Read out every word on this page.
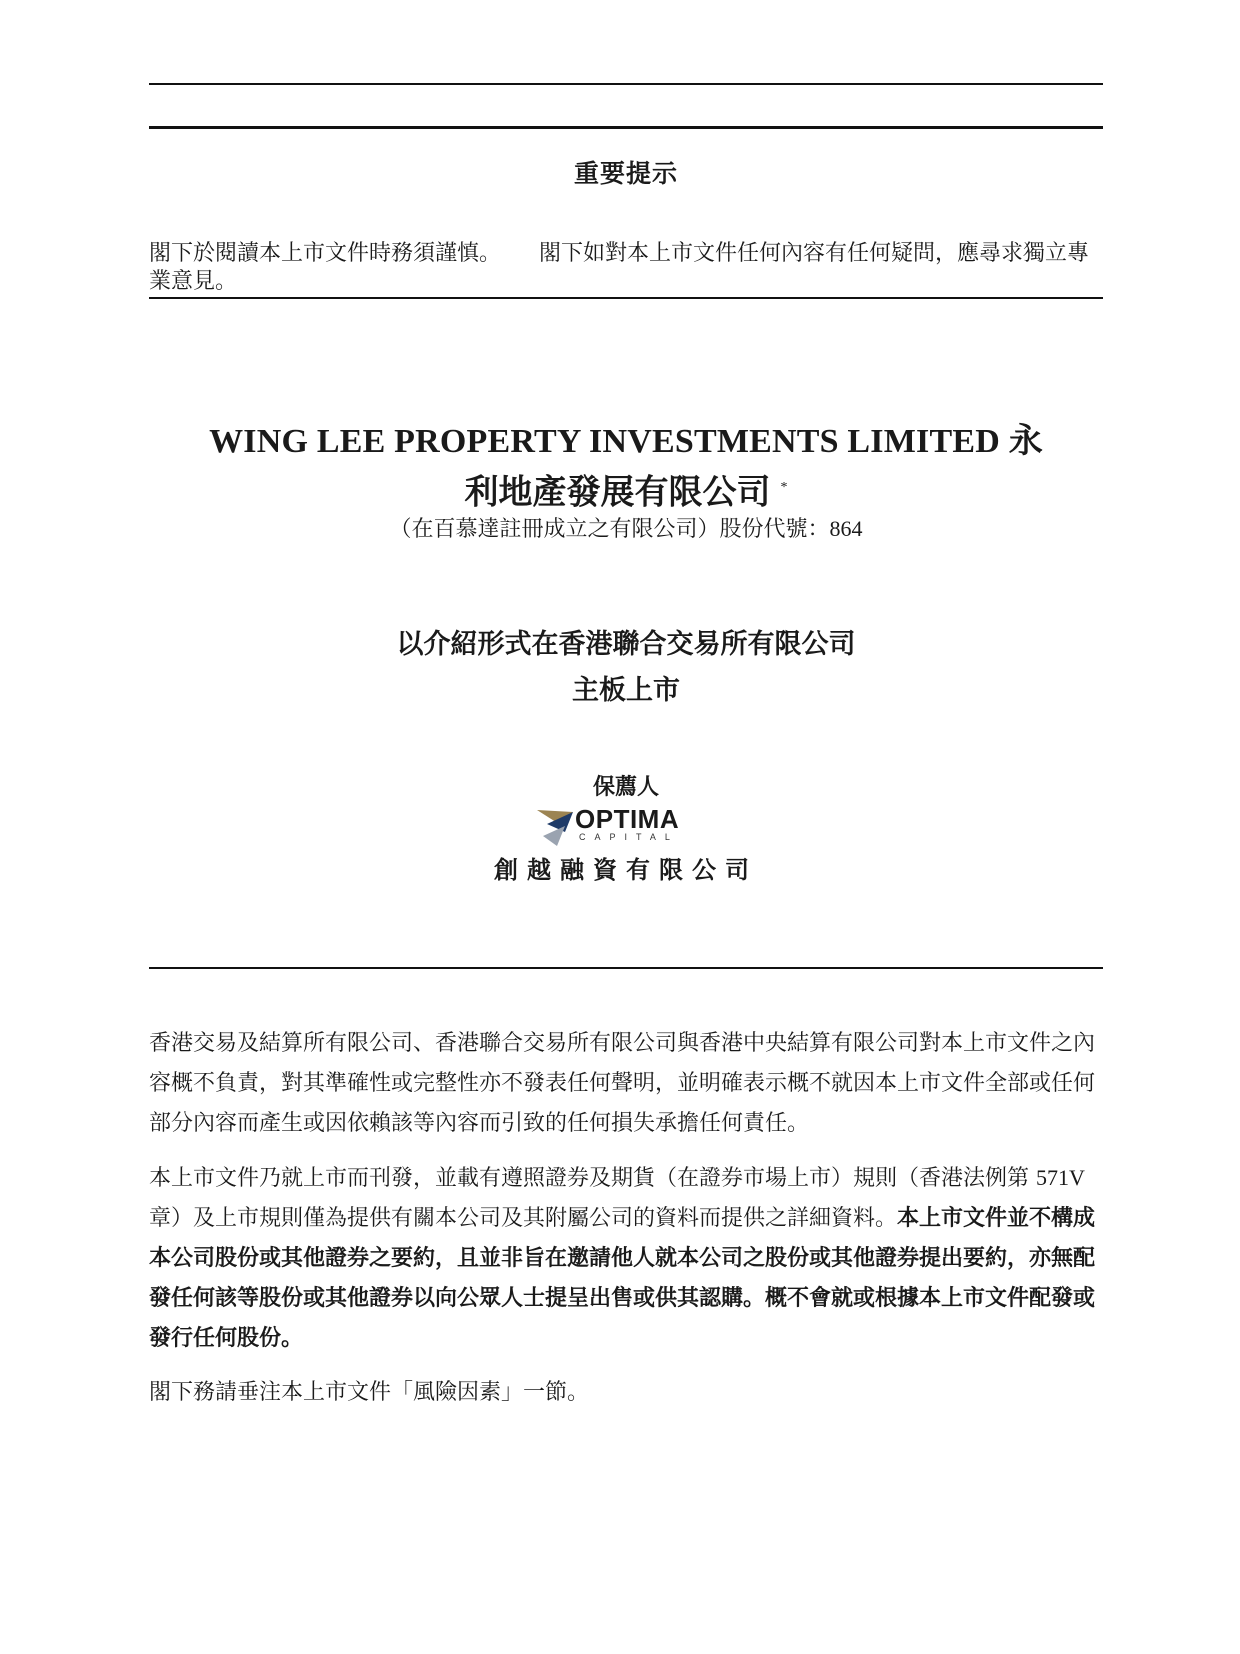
重要提示
閣下於閱讀本上市文件時務須謹慎。 閣下如對本上市文件任何內容有任何疑問，應尋求獨立專業意見。
WING LEE PROPERTY INVESTMENTS LIMITED 永
利地產發展有限公司 *
（在百慕達註冊成立之有限公司）股份代號：864
以介紹形式在香港聯合交易所有限公司
主板上市
保薦人
OPTIMA
CAPITAL
創越融資有限公司

香港交易及結算所有限公司、香港聯合交易所有限公司與香港中央結算有限公司對本上市文件之內容概不負責，對其準確性或完整性亦不發表任何聲明，並明確表示概不就因本上市文件全部或任何部分內容而產生或因依賴該等內容而引致的任何損失承擔任何責任。

本上市文件乃就上市而刊發，並載有遵照證券及期貨（在證券市場上市）規則（香港法例第 571V 章）及上市規則僅為提供有關本公司及其附屬公司的資料而提供之詳細資料。本上市文件並不構成本公司股份或其他證券之要約，且並非旨在邀請他人就本公司之股份或其他證券提出要約，亦無配發任何該等股份或其他證券以向公眾人士提呈出售或供其認購。概不會就或根據本上市文件配發或發行任何股份。

閣下務請垂注本上市文件「風險因素」一節。
